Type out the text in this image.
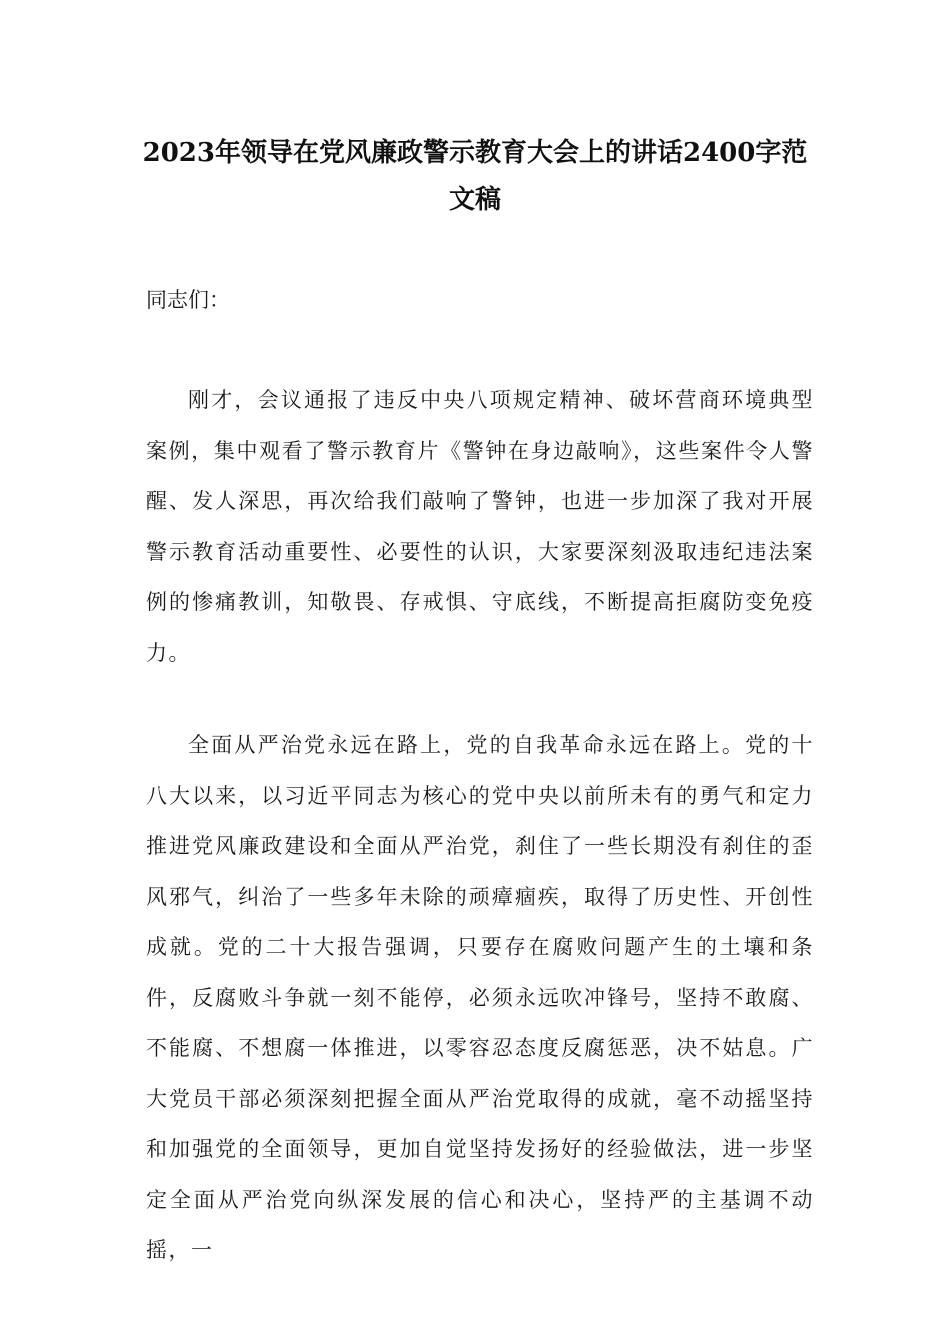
2023年领导在党风廉政警示教育大会上的讲话2400字范文稿

同志们：

刚才，会议通报了违反中央八项规定精神、破坏营商环境典型案例，集中观看了警示教育片《警钟在身边敲响》，这些案件令人警醒、发人深思，再次给我们敲响了警钟，也进一步加深了我对开展警示教育活动重要性、必要性的认识，大家要深刻汲取违纪违法案例的惨痛教训，知敬畏、存戒惧、守底线，不断提高拒腐防变免疫力。

全面从严治党永远在路上，党的自我革命永远在路上。党的十八大以来，以习近平同志为核心的党中央以前所未有的勇气和定力推进党风廉政建设和全面从严治党，刹住了一些长期没有刹住的歪风邪气，纠治了一些多年未除的顽瘴痼疾，取得了历史性、开创性成就。党的二十大报告强调，只要存在腐败问题产生的土壤和条件，反腐败斗争就一刻不能停，必须永远吹冲锋号，坚持不敢腐、不能腐、不想腐一体推进，以零容忍态度反腐惩恶，决不姑息。广大党员干部必须深刻把握全面从严治党取得的成就，毫不动摇坚持和加强党的全面领导，更加自觉坚持发扬好的经验做法，进一步坚定全面从严治党向纵深发展的信心和决心，坚持严的主基调不动摇，一
